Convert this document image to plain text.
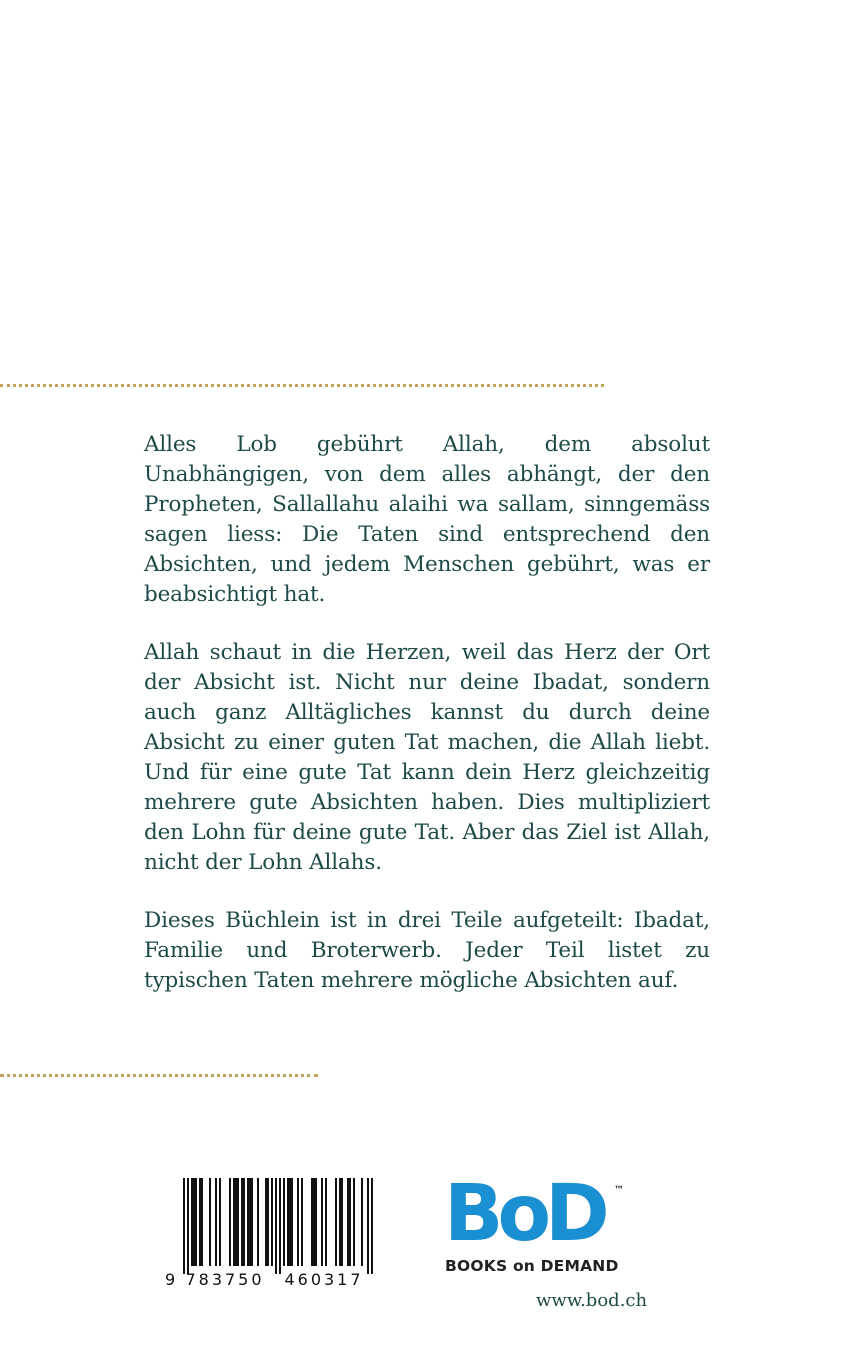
Alles Lob gebührt Allah, dem absolut Unabhängigen, von dem alles abhängt, der den Propheten, Sallallahu alaihi wa sallam, sinngemäss sagen liess: Die Taten sind entsprechend den Absichten, und jedem Menschen gebührt, was er beabsichtigt hat.

Allah schaut in die Herzen, weil das Herz der Ort der Absicht ist. Nicht nur deine Ibadat, sondern auch ganz Alltägliches kannst du durch deine Absicht zu einer guten Tat machen, die Allah liebt. Und für eine gute Tat kann dein Herz gleichzeitig mehrere gute Absichten haben. Dies multipliziert den Lohn für deine gute Tat. Aber das Ziel ist Allah, nicht der Lohn Allahs.

Dieses Büchlein ist in drei Teile aufgeteilt: Ibadat, Familie und Broterwerb. Jeder Teil listet zu typischen Taten mehrere mögliche Absichten auf.

9 783750 460317
BoD ™
BOOKS on DEMAND
www.bod.ch
